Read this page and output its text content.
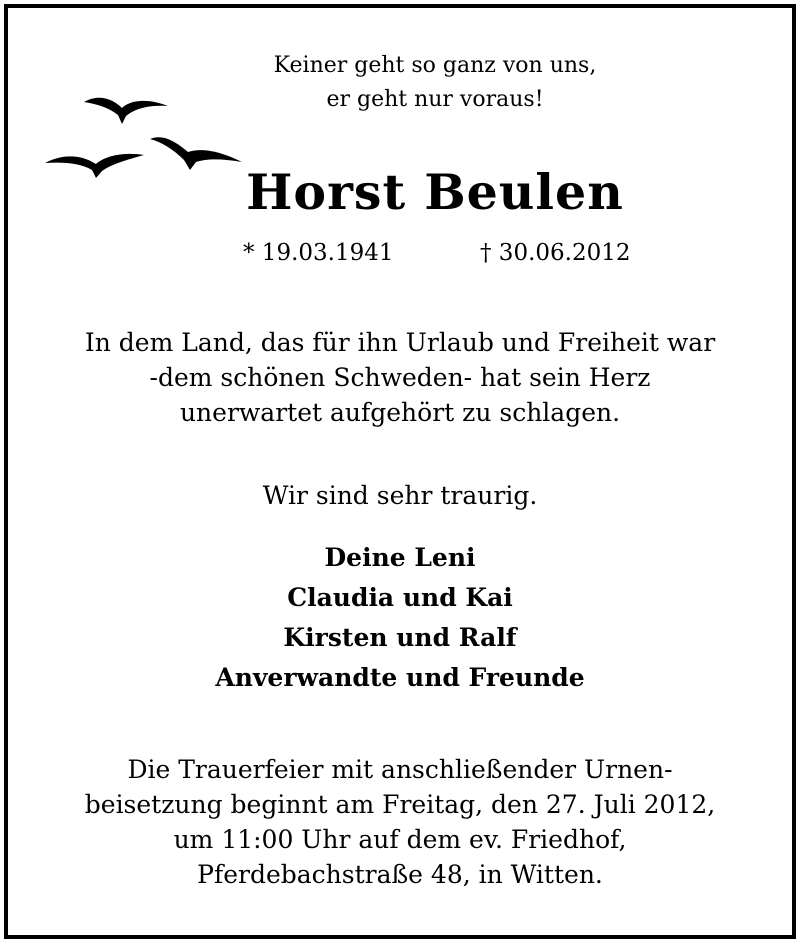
Keiner geht so ganz von uns,
er geht nur voraus!
Horst Beulen
* 19.03.1941	† 30.06.2012
In dem Land, das für ihn Urlaub und Freiheit war
-dem schönen Schweden- hat sein Herz
unerwartet aufgehört zu schlagen.
Wir sind sehr traurig.
Deine Leni
Claudia und Kai
Kirsten und Ralf
Anverwandte und Freunde
Die Trauerfeier mit anschließender Urnen-
beisetzung beginnt am Freitag, den 27. Juli 2012,
um 11:00 Uhr auf dem ev. Friedhof,
Pferdebachstraße 48, in Witten.
